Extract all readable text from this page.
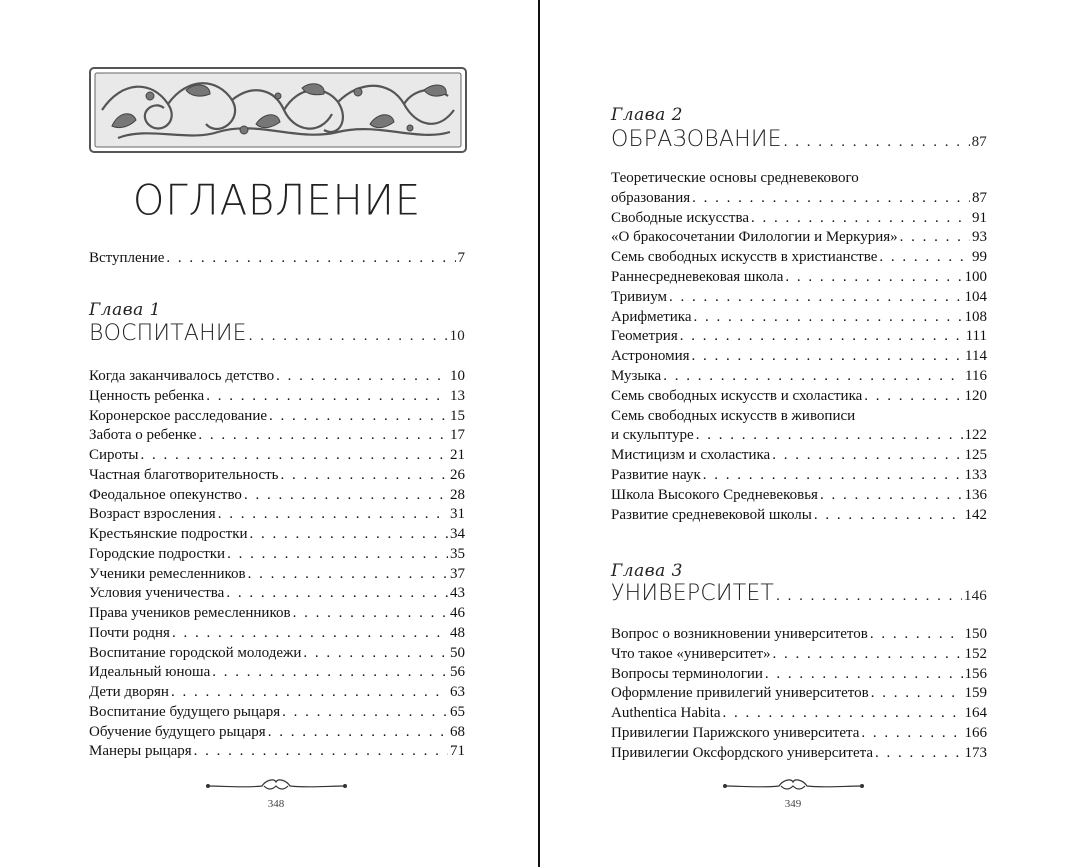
ОГЛАВЛЕНИЕ
Вступление . . .	7
Глава 1
ВОСПИТАНИЕ . . .	10
Когда заканчивалось детство . . .	10
Ценность ребенка . . .	13
Коронерское расследование . . .	15
Забота о ребенке . . .	17
Сироты . . .	21
Частная благотворительность . . .	26
Феодальное опекунство . . .	28
Возраст взросления . . .	31
Крестьянские подростки . . .	34
Городские подростки . . .	35
Ученики ремесленников . . .	37
Условия ученичества . . .	43
Права учеников ремесленников . . .	46
Почти родня . . .	48
Воспитание городской молодежи . . .	50
Идеальный юноша . . .	56
Дети дворян . . .	63
Воспитание будущего рыцаря . . .	65
Обучение будущего рыцаря . . .	68
Манеры рыцаря . . .	71
348
Глава 2
ОБРАЗОВАНИЕ . . .	87
Глава 3
УНИВЕРСИТЕТ . . .	146
349
Теоретические основы средневекового
образования . . .	87
Свободные искусства . . .	91
«О бракосочетании Филологии и Меркурия» . . .	93
Семь свободных искусств в христианстве . . .	99
Раннесредневековая школа . . .	100
Тривиум . . .	104
Арифметика . . .	108
Геометрия . . .	111
Астрономия . . .	114
Музыка . . .	116
Семь свободных искусств и схоластика . . .	120
Семь свободных искусств в живописи
и скульптуре . . .	122
Мистицизм и схоластика . . .	125
Развитие наук . . .	133
Школа Высокого Средневековья . . .	136
Развитие средневековой школы . . .	142
Вопрос о возникновении университетов . . .	150
Что такое «университет» . . .	152
Вопросы терминологии . . .	156
Оформление привилегий университетов . . .	159
Authentica Habita . . .	164
Привилегии Парижского университета . . .	166
Привилегии Оксфордского университета . . .	173
